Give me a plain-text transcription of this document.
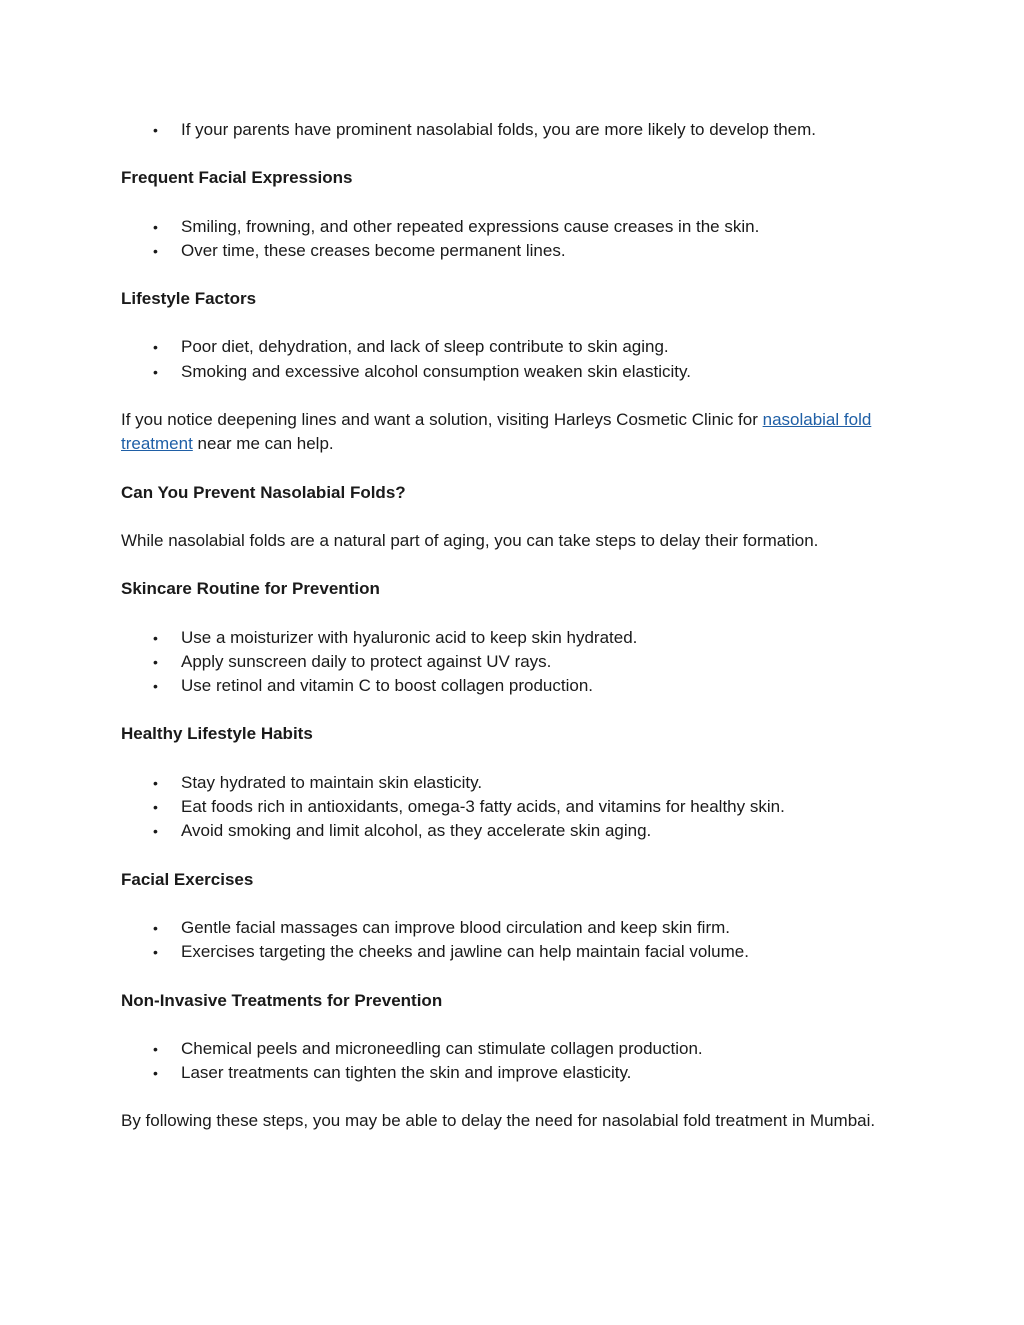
• If your parents have prominent nasolabial folds, you are more likely to develop them.
Frequent Facial Expressions
• Smiling, frowning, and other repeated expressions cause creases in the skin.
• Over time, these creases become permanent lines.
Lifestyle Factors
• Poor diet, dehydration, and lack of sleep contribute to skin aging.
• Smoking and excessive alcohol consumption weaken skin elasticity.

If you notice deepening lines and want a solution, visiting Harleys Cosmetic Clinic for nasolabial fold treatment near me can help.

Can You Prevent Nasolabial Folds?

While nasolabial folds are a natural part of aging, you can take steps to delay their formation.

Skincare Routine for Prevention
• Use a moisturizer with hyaluronic acid to keep skin hydrated.
• Apply sunscreen daily to protect against UV rays.
• Use retinol and vitamin C to boost collagen production.
Healthy Lifestyle Habits
• Stay hydrated to maintain skin elasticity.
• Eat foods rich in antioxidants, omega-3 fatty acids, and vitamins for healthy skin.
• Avoid smoking and limit alcohol, as they accelerate skin aging.
Facial Exercises
• Gentle facial massages can improve blood circulation and keep skin firm.
• Exercises targeting the cheeks and jawline can help maintain facial volume.
Non-Invasive Treatments for Prevention
• Chemical peels and microneedling can stimulate collagen production.
• Laser treatments can tighten the skin and improve elasticity.

By following these steps, you may be able to delay the need for nasolabial fold treatment in Mumbai.
